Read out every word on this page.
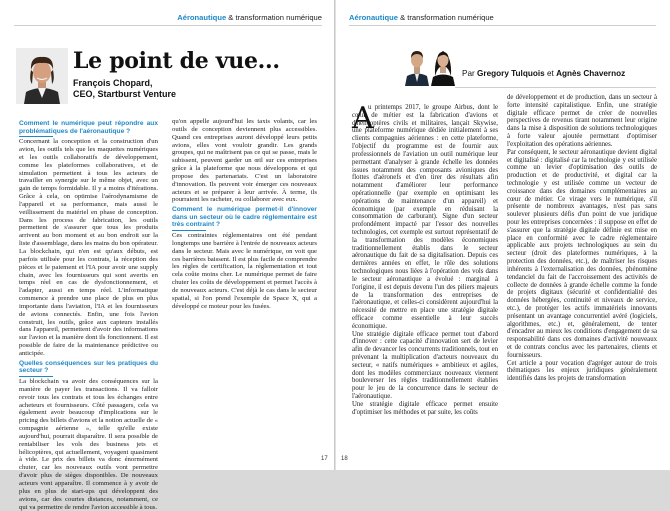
Aéronautique & transformation numérique
Le point de vue...
François Chopard,
CEO, Startburst Venture

Comment le numérique peut répondre aux problématiques de l'aéronautique ?

Concernant la conception et la construction d'un avion, les outils tels que les maquettes numériques et les outils collaboratifs de développement, comme les plateformes collaboratives, et de simulation permettent à tous les acteurs de travailler en synergie sur le même objet, avec un gain de temps formidable. Il y a moins d'itérations. Grâce à cela, on optimise l'aérodynamisme de l'appareil et sa performance, mais aussi le veillissement du matériel en phase de conception. Dans les process de fabrication, les outils permettent de s'assurer que tous les produits arrivent au bon moment et au bon endroit sur la liste d'assemblage, dans les mains du bon opérateur. La blockchain, qui n'en est qu'aux débuts, est parfois utilisée pour les contrats, la réception des pièces et le paiement et l'IA pour avoir une supply chain, avec les fournisseurs qui sont avertis en temps réel en cas de dysfonctionnement, et l'adapter, aussi en temps réel. L'informatique commence à prendre une place de plus en plus importante dans l'aviation, l'IA et les fournisseurs de avions connectés. Enfin, une fois l'avion construit, les outils, grâce aux capteurs installés dans l'appareil, permettent d'avoir des informations sur l'avion et la manière dont ils fonctionnent. Il est possible de faire de la maintenance prédictive ou anticipée.

Quelles conséquences sur les pratiques du secteur ?

La blockchain va avoir des conséquences sur la manière de payer les transactions. Il va falloir revoir tous les contrats et tous les échanges entre acheteurs et fournisseurs. Côté passagers, cela va également avoir beaucoup d'implications sur le pricing des billets d'avions et la notion actuelle de « compagnie aérienne », telle qu'elle existe aujourd'hui, pourrait disparaître. Il sera possible de rentabiliser les vols des business jets et hélicoptères, qui actuellement, voyagent quasiment à vide. Le prix des billets va donc énormément chuter, car les nouveaux outils vont permettre d'avoir plus de sièges disponibles. De nouveaux acteurs vont apparaître. Il commence à y avoir de plus en plus de start-ups qui développent des avions, car des courtes distances, notamment, ce qui va permettre de rendre l'avion accessible à tous.

qu'on appelle aujourd'hui les taxis volants, car les outils de conception deviennent plus accessibles. Quand ces entreprises auront développé leurs petits avions, elles vont vouloir grandir. Les grands groupes, qui ne maîtrisent pas ce qui se passe, mais le subissent, peuvent garder un œil sur ces entreprises grâce à la plateforme que nous développons et qui propose des partenariats. C'est un laboratoire d'innovation. Ils peuvent voir émerger ces nouveaux acteurs et se préparer à leur arrivée. À terme, ils pourraient les racheter, ou collaborer avec eux.

Comment le numérique permet-il d'innover dans un secteur où le cadre réglementaire est très contraint ?

Ces contraintes réglementaires ont été pendant longtemps une barrière à l'entrée de nouveaux acteurs dans le secteur. Mais avec le numérique, on voit que ces barrières baissent. Il est plus facile de comprendre les règles de certification, la réglementation et tout cela coûte moins cher. Le numérique permet de faire chuter les coûts de développement et permet l'accès à de nouveaux acteurs. C'est déjà le cas dans le secteur spatial, si l'on prend l'exemple de Space X, qui a développé ce moteur pour les fusées.

17
Aéronautique & transformation numérique
Par Gregory Tulquois et Agnès Chavernoz
A

u printemps 2017, le groupe Airbus, dont le cœur de métier est la fabrication d'avions et d'hélicoptères civils et militaires, lançait Skywise, une plateforme numérique dédiée initialement à ses clients compagnies aériennes : en cette plateforme, l'objectif du programme est de fournir aux professionnels de l'aviation un outil numérique leur permettant d'analyser à grande échelle les données issues notamment des composants avioniques des flottes d'aéronefs et d'en tirer des résultats afin notamment d'améliorer leur performance opérationnelle (par exemple en optimisant les opérations de maintenance d'un appareil) et économique (par exemple en réduisant la consommation de carburant). Signe d'un secteur profondément impacté par l'essor des nouvelles technologies, cet exemple est surtout représentatif de la transformation des modèles économiques traditionnellement établis dans le secteur aéronautique du fait de sa digitalisation. Depuis ces dernières années en effet, le rôle des solutions technologiques nous liées à l'opération des vols dans le secteur aéronautique a évolué : marginal à l'origine, il est depuis devenu l'un des piliers majeurs de la transformation des entreprises de l'aéronautique, et celles-ci considèrent aujourd'hui la nécessité de mettre en place une stratégie digitale efficace comme essentielle à leur succès économique.

Une stratégie digitale efficace permet tout d'abord d'innover : cette capacité d'innovation sert de levier afin de devancer les concurrents traditionnels, tout en prévenant la multiplication d'acteurs nouveaux du secteur, « natifs numériques » ambitieux et agiles, dont les modèles commerciaux nouveaux viennent bouleverser les règles traditionnellement établies pour le jeu de la concurrence dans le secteur de l'aéronautique.

Une stratégie digitale efficace permet ensuite d'optimiser les méthodes et par suite, les coûts

de développement et de production, dans un secteur à forte intensité capitalistique. Enfin, une stratégie digitale efficace permet de créer de nouvelles perspectives de revenus tirant notamment leur origine dans la mise à disposition de solutions technologiques à forte valeur ajoutée permettant d'optimiser l'exploitation des opérations aériennes.

Par conséquent, le secteur aéronautique devient digital et digitalisé : digitalisé car la technologie y est utilisée comme un levier d'optimisation des outils de production et de productivité, et digital car la technologie y est utilisée comme un vecteur de croissance dans des domaines complémentaires au cœur de métier. Ce virage vers le numérique, s'il présente de nombreux avantages, n'est pas sans soulever plusieurs défis d'un point de vue juridique pour les entreprises concernées : il suppose en effet de s'assurer que la stratégie digitale définie est mise en place en conformité avec le cadre réglementaire applicable aux projets technologiques au sein du secteur (droit des plateformes numériques, à la protection des données, etc.), de maîtriser les risques inhérents à l'externalisation des données, phénomène tendanciel du fait de l'accroissement des activités de collecte de données à grande échelle comme la fonde de projets digitaux (sécurité et confidentialité des données hébergées, continuité et niveaux de service, etc.), de protéger les actifs immatériels innovants présentant un avantage concurrentiel avéré (logiciels, algorithmes, etc.) et, généralement, de tenter d'encadrer au mieux les conditions d'engagement de sa responsabilité dans ces domaines d'activité nouveaux et de contrats conclus avec les partenaires, clients et fournisseurs.

Cet article a pour vocation d'agréger autour de trois thématiques les enjeux juridiques généralement identifiés dans les projets de transformation

18
